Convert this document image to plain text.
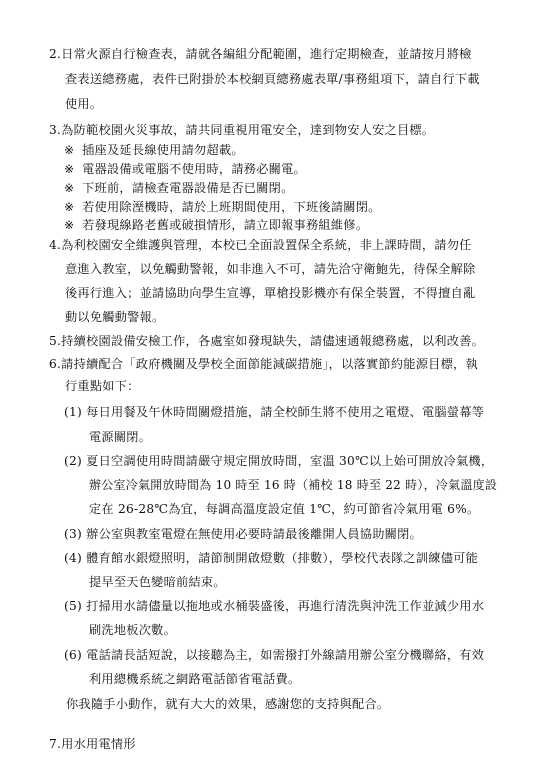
2.日常火源自行檢查表，請就各編組分配範圍，進行定期檢查，並請按月將檢
查表送總務處，表件已附掛於本校網頁總務處表單/事務組項下，請自行下載
使用。
3.為防範校園火災事故，請共同重視用電安全，達到物安人安之目標。
※ 插座及延長線使用請勿超載。
※ 電器設備或電腦不使用時，請務必關電。
※ 下班前，請檢查電器設備是否已關閉。
※ 若使用除溼機時，請於上班期間使用，下班後請關閉。
※ 若發現線路老舊或破損情形，請立即報事務組維修。
4.為利校園安全維護與管理，本校已全面設置保全系統，非上課時間，請勿任
意進入教室，以免觸動警報，如非進入不可，請先洽守衛鮑先，待保全解除
後再行進入；並請協助向學生宣導，單槍投影機亦有保全裝置，不得擅自亂
動以免觸動警報。
5.持續校園設備安檢工作，各處室如發現缺失，請儘速通報總務處，以利改善。
6.請持續配合「政府機關及學校全面節能減碳措施」，以落實節約能源目標，執
行重點如下：
(1) 每日用餐及午休時間關燈措施，請全校師生將不使用之電燈、電腦螢幕等
電源關閉。
(2) 夏日空調使用時間請嚴守規定開放時間，室溫 30℃以上始可開放冷氣機，
辦公室冷氣開放時間為 10 時至 16 時（補校 18 時至 22 時），冷氣溫度設
定在 26-28℃為宜，每調高溫度設定值 1℃，約可節省冷氣用電 6%。
(3) 辦公室與教室電燈在無使用必要時請最後離開人員協助關閉。
(4) 體育館水銀燈照明，請節制開啟燈數（排數），學校代表隊之訓練儘可能
提早至天色變暗前結束。
(5) 打掃用水請儘量以拖地或水桶裝盛後，再進行清洗與沖洗工作並減少用水
刷洗地板次數。
(6) 電話請長話短說，以接聽為主，如需撥打外線請用辦公室分機聯絡，有效
利用總機系統之網路電話節省電話費。
你我隨手小動作，就有大大的效果，感謝您的支持與配合。
7.用水用電情形
